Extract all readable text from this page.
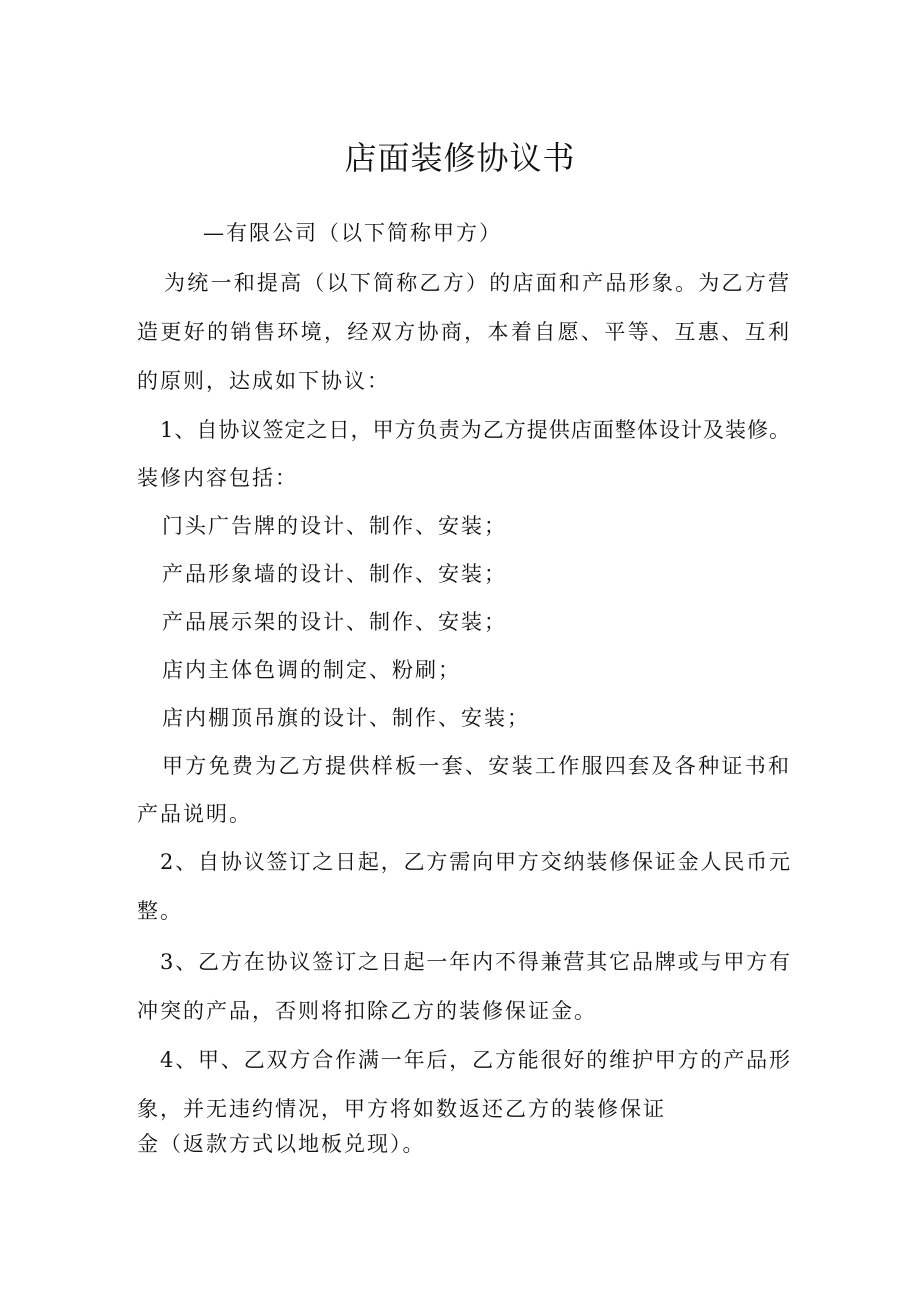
店面装修协议书
—有限公司（以下简称甲方）
为统一和提高（以下简称乙方）的店面和产品形象。为乙方营
造更好的销售环境，经双方协商，本着自愿、平等、互惠、互利
的原则，达成如下协议：
1、自协议签定之日，甲方负责为乙方提供店面整体设计及装修。
装修内容包括：
门头广告牌的设计、制作、安装；
产品形象墙的设计、制作、安装；
产品展示架的设计、制作、安装；
店内主体色调的制定、粉刷；
店内棚顶吊旗的设计、制作、安装；
甲方免费为乙方提供样板一套、安装工作服四套及各种证书和
产品说明。
2、自协议签订之日起，乙方需向甲方交纳装修保证金人民币元
整。
3、乙方在协议签订之日起一年内不得兼营其它品牌或与甲方有
冲突的产品，否则将扣除乙方的装修保证金。
4、甲、乙双方合作满一年后，乙方能很好的维护甲方的产品形
象，并无违约情况，甲方将如数返还乙方的装修保证
金（返款方式以地板兑现）。
